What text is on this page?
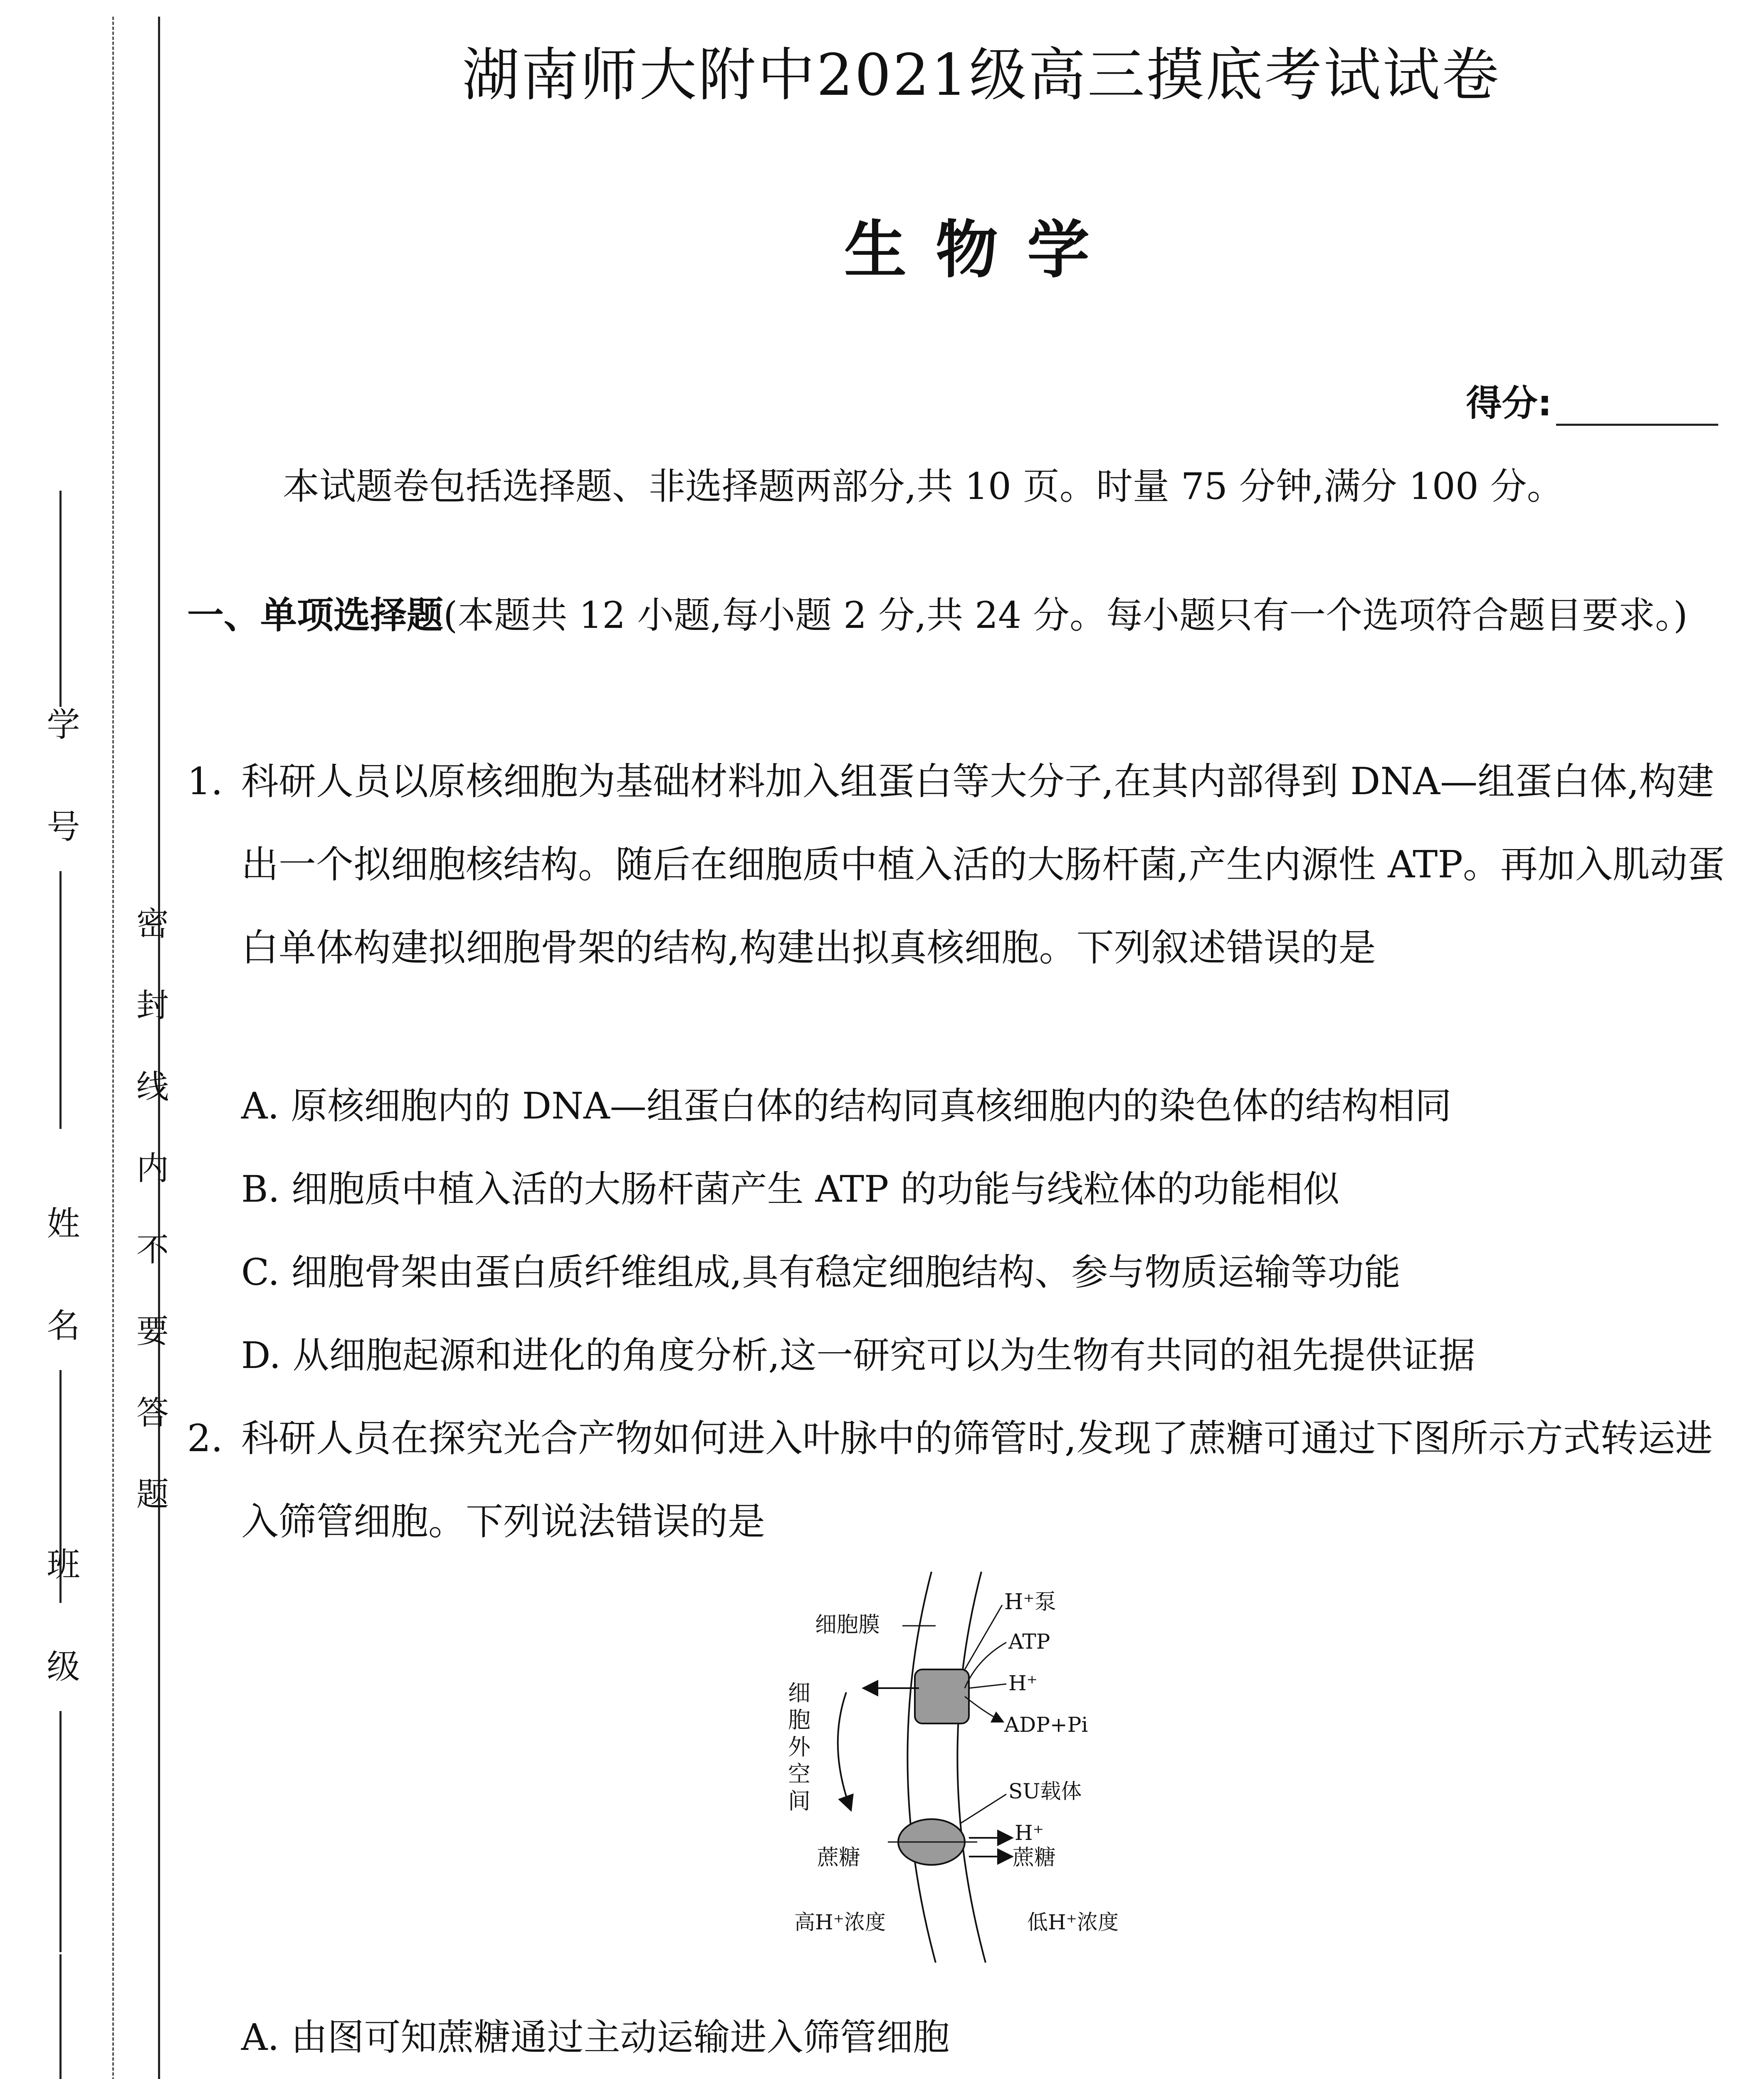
学 号
姓 名
班 级
密封线内不要答题
湖南师大附中2021级高三摸底考试试卷
生物学
得分:
本试题卷包括选择题、非选择题两部分,共 10 页。时量 75 分钟,满分 100 分。
一、单项选择题(本题共 12 小题,每小题 2 分,共 24 分。每小题只有一个选项符合题目要求。)
1. 科研人员以原核细胞为基础材料加入组蛋白等大分子,在其内部得到 DNA—组蛋白体,构建出一个拟细胞核结构。随后在细胞质中植入活的大肠杆菌,产生内源性 ATP。再加入肌动蛋白单体构建拟细胞骨架的结构,构建出拟真核细胞。下列叙述错误的是
A. 原核细胞内的 DNA—组蛋白体的结构同真核细胞内的染色体的结构相同
B. 细胞质中植入活的大肠杆菌产生 ATP 的功能与线粒体的功能相似
C. 细胞骨架由蛋白质纤维组成,具有稳定细胞结构、参与物质运输等功能
D. 从细胞起源和进化的角度分析,这一研究可以为生物有共同的祖先提供证据
2. 科研人员在探究光合产物如何进入叶脉中的筛管时,发现了蔗糖可通过下图所示方式转运进入筛管细胞。下列说法错误的是
细胞膜
H⁺泵
ATP
H⁺
ADP+Pi
细
胞
外
空
间	SU载体
H⁺
蔗糖	蔗糖
高H⁺浓度	低H⁺浓度
A. 由图可知蔗糖通过主动运输进入筛管细胞
